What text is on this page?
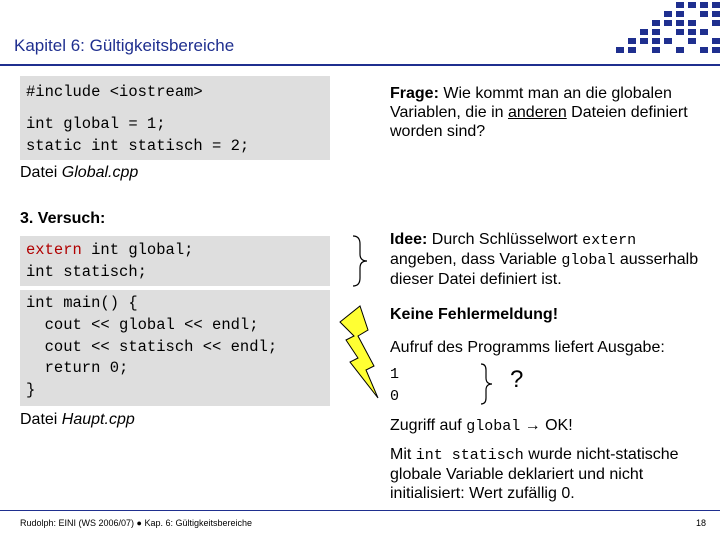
Kapitel 6: Gültigkeitsbereiche
#include <iostream>
int global = 1;
static int statisch = 2;
Datei Global.cpp
3. Versuch:
extern int global;
int statisch;
int main() {
cout << global << endl;
cout << statisch << endl;
return 0;
}
Datei Haupt.cpp
Frage: Wie kommt man an die globalen Variablen, die in anderen Dateien definiert worden sind?
Idee: Durch Schlüsselwort extern angeben, dass Variable global ausserhalb dieser Datei definiert ist.
Keine Fehlermeldung!
Aufruf des Programms liefert Ausgabe:
1
0
?
Zugriff auf global → OK!
Mit int statisch wurde nicht-statische globale Variable deklariert und nicht initialisiert: Wert zufällig 0.
Rudolph: EINI (WS 2006/07) ● Kap. 6: Gültigkeitsbereiche	18
